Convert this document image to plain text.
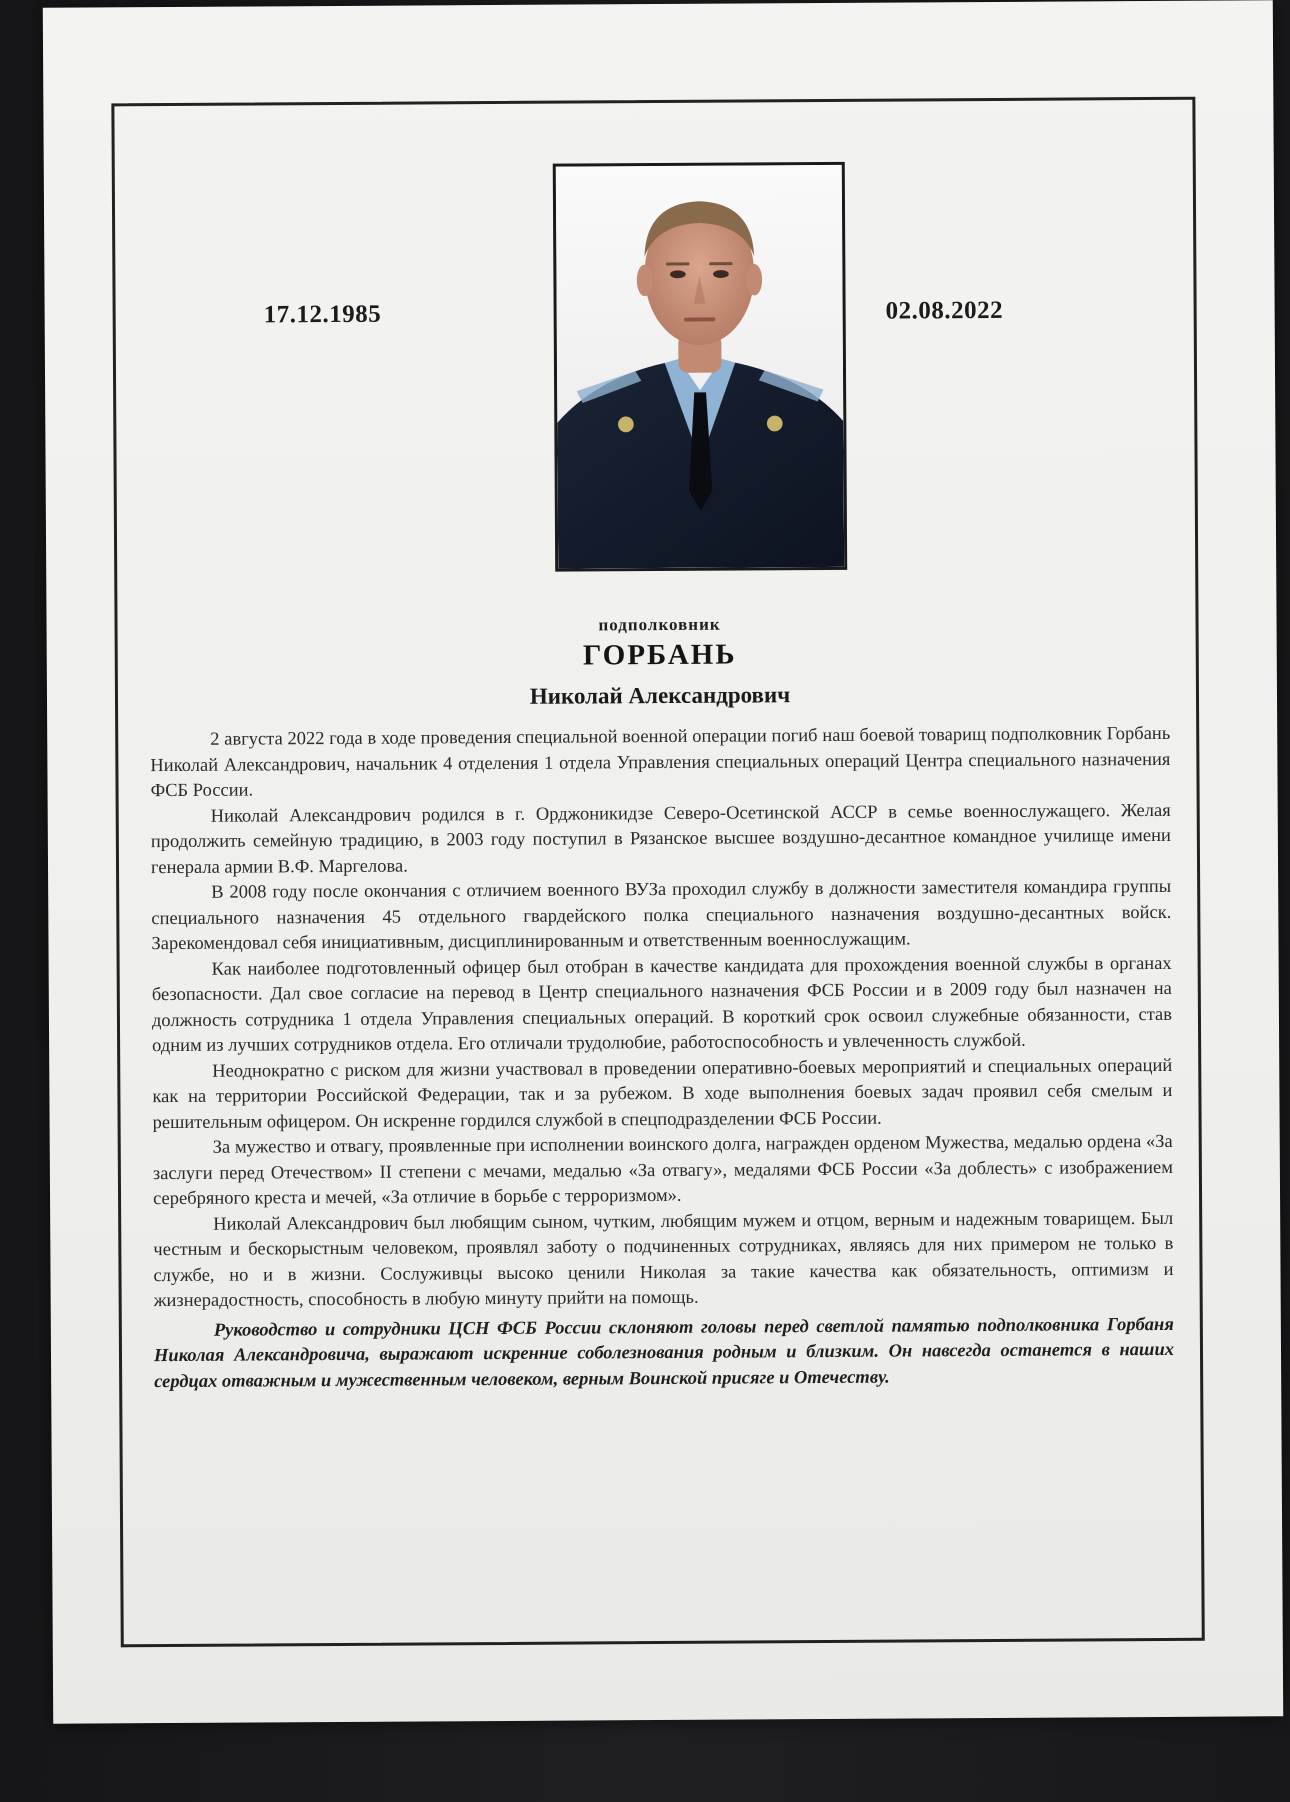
17.12.1985	02.08.2022
подполковник
ГОРБАНЬ
Николай Александрович

2 августа 2022 года в ходе проведения специальной военной операции погиб наш боевой товарищ подполковник Горбань Николай Александрович, начальник 4 отделения 1 отдела Управления специальных операций Центра специального назначения ФСБ России.

Николай Александрович родился в г. Орджоникидзе Северо-Осетинской АССР в семье военнослужащего. Желая продолжить семейную традицию, в 2003 году поступил в Рязанское высшее воздушно-десантное командное училище имени генерала армии В.Ф. Маргелова.

В 2008 году после окончания с отличием военного ВУЗа проходил службу в должности заместителя командира группы специального назначения 45 отдельного гвардейского полка специального назначения воздушно-десантных войск. Зарекомендовал себя инициативным, дисциплинированным и ответственным военнослужащим.

Как наиболее подготовленный офицер был отобран в качестве кандидата для прохождения военной службы в органах безопасности. Дал свое согласие на перевод в Центр специального назначения ФСБ России и в 2009 году был назначен на должность сотрудника 1 отдела Управления специальных операций. В короткий срок освоил служебные обязанности, став одним из лучших сотрудников отдела. Его отличали трудолюбие, работоспособность и увлеченность службой.

Неоднократно с риском для жизни участвовал в проведении оперативно-боевых мероприятий и специальных операций как на территории Российской Федерации, так и за рубежом. В ходе выполнения боевых задач проявил себя смелым и решительным офицером. Он искренне гордился службой в спецподразделении ФСБ России.

За мужество и отвагу, проявленные при исполнении воинского долга, награжден орденом Мужества, медалью ордена «За заслуги перед Отечеством» II степени с мечами, медалью «За отвагу», медалями ФСБ России «За доблесть» с изображением серебряного креста и мечей, «За отличие в борьбе с терроризмом».

Николай Александрович был любящим сыном, чутким, любящим мужем и отцом, верным и надежным товарищем. Был честным и бескорыстным человеком, проявлял заботу о подчиненных сотрудниках, являясь для них примером не только в службе, но и в жизни. Сослуживцы высоко ценили Николая за такие качества как обязательность, оптимизм и жизнерадостность, способность в любую минуту прийти на помощь.

Руководство и сотрудники ЦСН ФСБ России склоняют головы перед светлой памятью подполковника Горбаня Николая Александровича, выражают искренние соболезнования родным и близким. Он навсегда останется в наших сердцах отважным и мужественным человеком, верным Воинской присяге и Отечеству.
